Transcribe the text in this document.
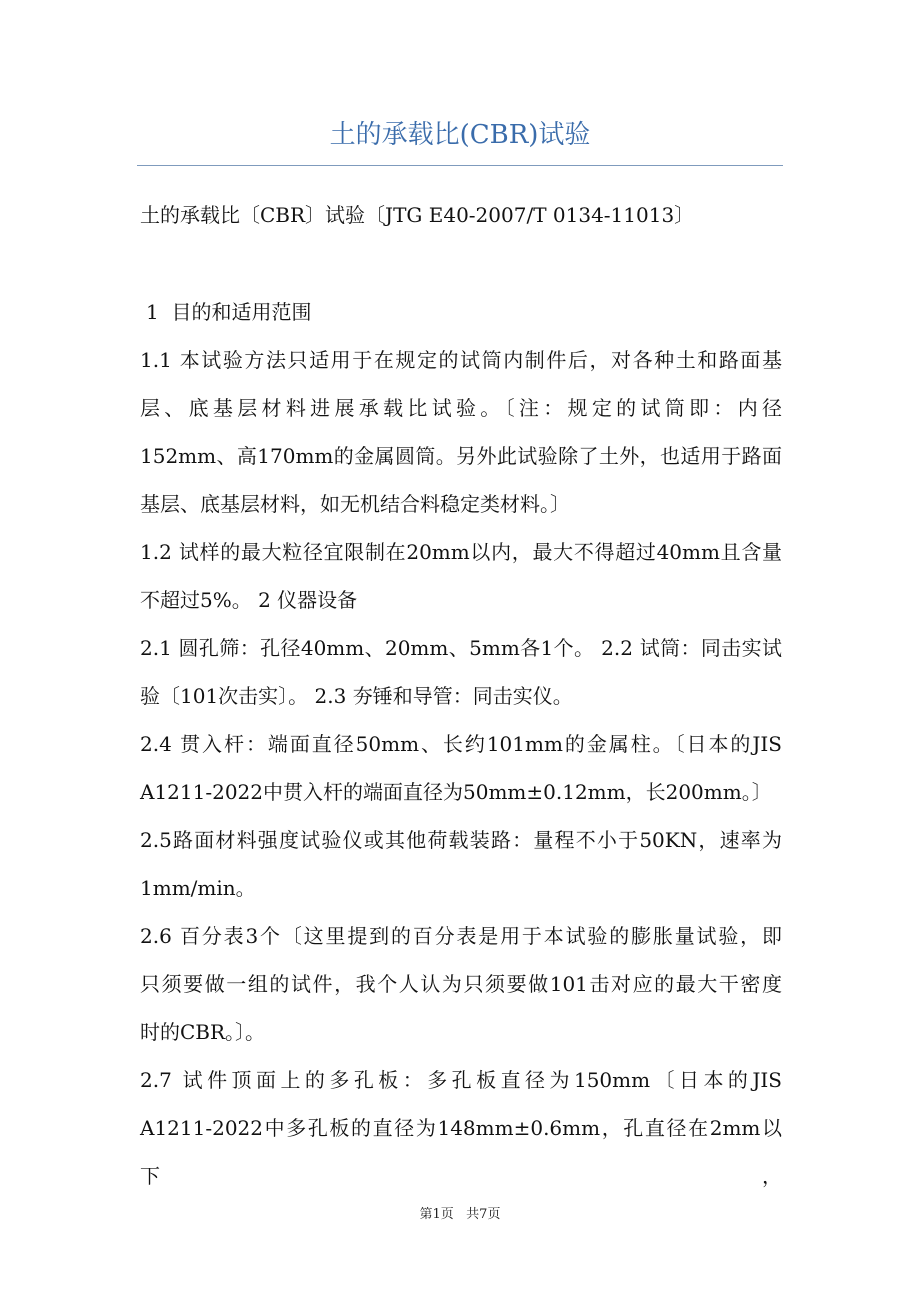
土的承载比(CBR)试验
土的承载比〔CBR〕试验〔JTG E40-2007/T 0134-11013〕
1  目的和适用范围
1.1 本试验方法只适用于在规定的试筒内制件后，对各种土和路面基
层、底基层材料进展承载比试验。〔注：规定的试筒即：内径
152mm、高170mm的金属圆筒。另外此试验除了土外，也适用于路面
基层、底基层材料，如无机结合料稳定类材料。〕
1.2 试样的最大粒径宜限制在20mm以内，最大不得超过40mm且含量
不超过5%。 2 仪器设备
2.1 圆孔筛：孔径40mm、20mm、5mm各1个。 2.2 试筒：同击实试
验〔101次击实〕。 2.3 夯锤和导管：同击实仪。
2.4 贯入杆：端面直径50mm、长约101mm的金属柱。〔日本的JIS
A1211-2022中贯入杆的端面直径为50mm±0.12mm，长200mm。〕
2.5路面材料强度试验仪或其他荷载装路：量程不小于50KN，速率为
1mm/min。
2.6 百分表3个〔这里提到的百分表是用于本试验的膨胀量试验，即
只须要做一组的试件，我个人认为只须要做101击对应的最大干密度
时的CBR。〕。
2.7 试件顶面上的多孔板：多孔板直径为150mm〔日本的JIS
A1211-2022中多孔板的直径为148mm±0.6mm，孔直径在2mm以下，
第1页   共7页
